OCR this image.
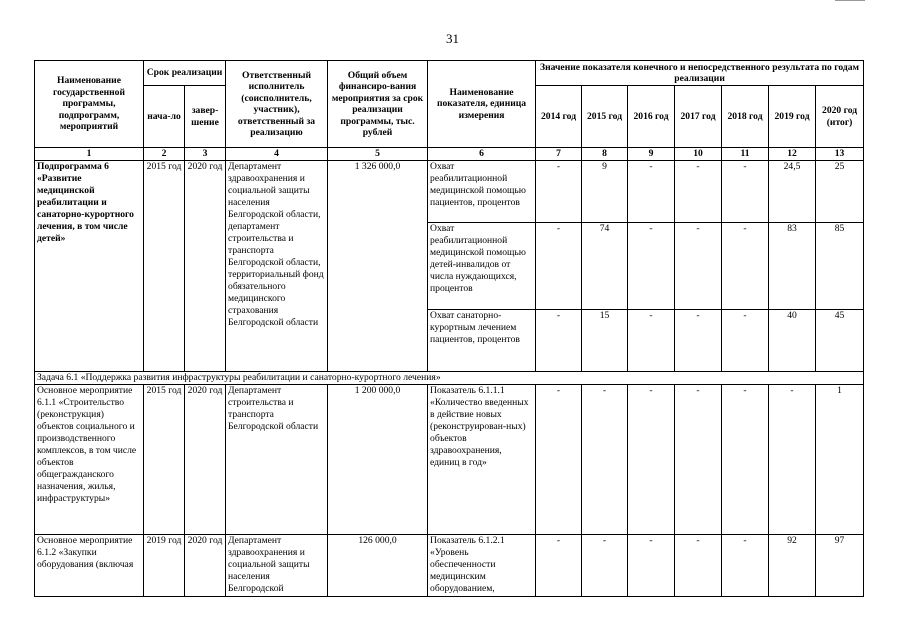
31
Наименование государственной программы, подпрограмм, мероприятий	Срок реализации		Ответственный исполнитель (соисполнитель, участник), ответственный за реализацию	Общий объем финансиро-вания мероприятия за срок реализации программы, тыс. рублей	Наименование показателя, единица измерения	Значение показателя конечного и непосредственного результата по годам реализации						
	нача-ло	завер-шение				2014 год	2015 год	2016 год	2017 год	2018 год	2019 год	2020 год (итог)
1	2	3	4	5	6	7	8	9	10	11	12	13
Подпрограмма 6 «Развитие медицинской реабилитации и санаторно-курортного лечения, в том числе детей»	2015 год	2020 год	Департамент здравоохранения и социальной защиты населения Белгородской области, департамент строительства и транспорта Белгородской области, территориальный фонд обязательного медицинского страхования Белгородской области	1 326 000,0	Охват реабилитационной медицинской помощью пациентов, процентов	-	9	-	-	-	24,5	25
					Охват реабилитационной медицинской помощью детей-инвалидов от числа нуждающихся, процентов	-	74	-	-	-	83	85
					Охват санаторно-курортным лечением пациентов, процентов	-	15	-	-	-	40	45
Задача 6.1 «Поддержка развития инфраструктуры реабилитации и санаторно-курортного лечения»												
Основное мероприятие 6.1.1 «Строительство (реконструкция) объектов социального и производственного комплексов, в том числе объектов общегражданского назначения, жилья, инфраструктуры»	2015 год	2020 год	Департамент строительства и транспорта Белгородской области	1 200 000,0	Показатель 6.1.1.1 «Количество введенных в действие новых (реконструирован-ных) объектов здравоохранения, единиц в год»	-	-	-	-	-	-	1
Основное мероприятие 6.1.2 «Закупки оборудования (включая	2019 год	2020 год	Департамент здравоохранения и социальной защиты населения Белгородской	126 000,0	Показатель 6.1.2.1 «Уровень обеспеченности медицинским оборудованием,	-	-	-	-	-	92	97
